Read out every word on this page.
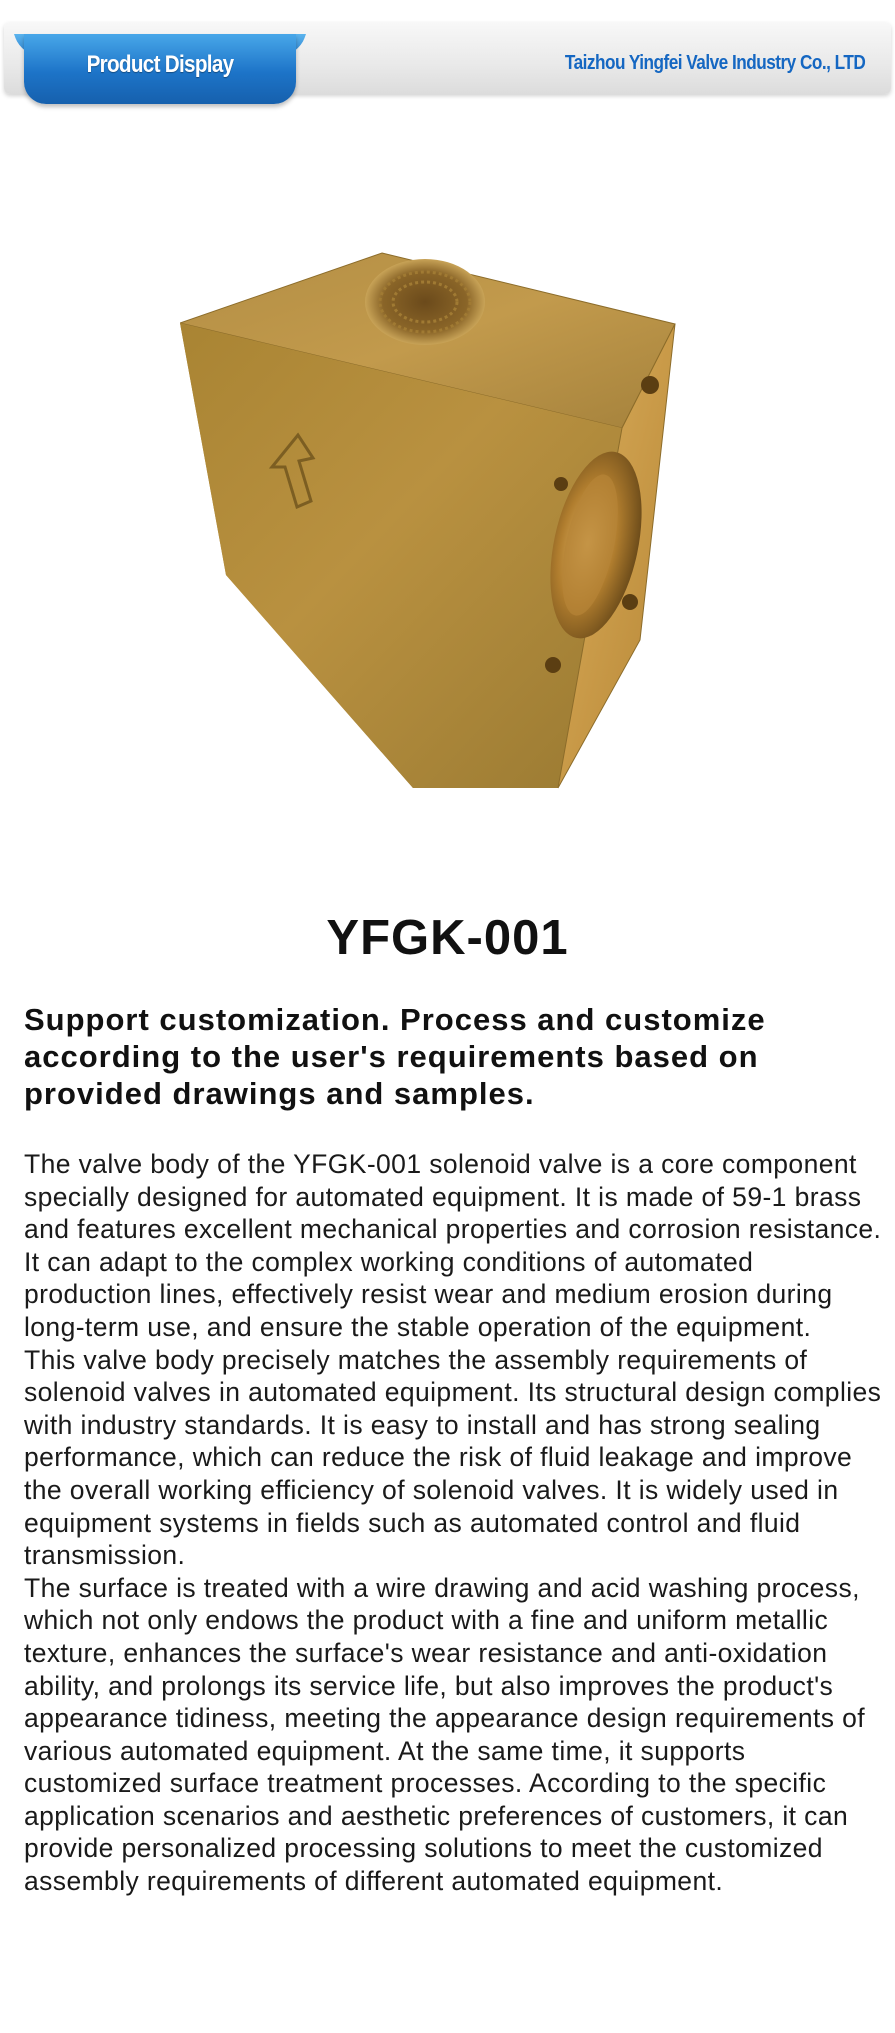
Product Display	Taizhou Yingfei Valve Industry Co., LTD
YFGK-001
Support customization. Process and customize according to the user's requirements based on provided drawings and samples.

The valve body of the YFGK-001 solenoid valve is a core component specially designed for automated equipment. It is made of 59-1 brass and features excellent mechanical properties and corrosion resistance. It can adapt to the complex working conditions of automated production lines, effectively resist wear and medium erosion during long-term use, and ensure the stable operation of the equipment.

This valve body precisely matches the assembly requirements of solenoid valves in automated equipment. Its structural design complies with industry standards. It is easy to install and has strong sealing performance, which can reduce the risk of fluid leakage and improve the overall working efficiency of solenoid valves. It is widely used in equipment systems in fields such as automated control and fluid transmission.

The surface is treated with a wire drawing and acid washing process, which not only endows the product with a fine and uniform metallic texture, enhances the surface's wear resistance and anti-oxidation ability, and prolongs its service life, but also improves the product's appearance tidiness, meeting the appearance design requirements of various automated equipment. At the same time, it supports customized surface treatment processes. According to the specific application scenarios and aesthetic preferences of customers, it can provide personalized processing solutions to meet the customized assembly requirements of different automated equipment.
